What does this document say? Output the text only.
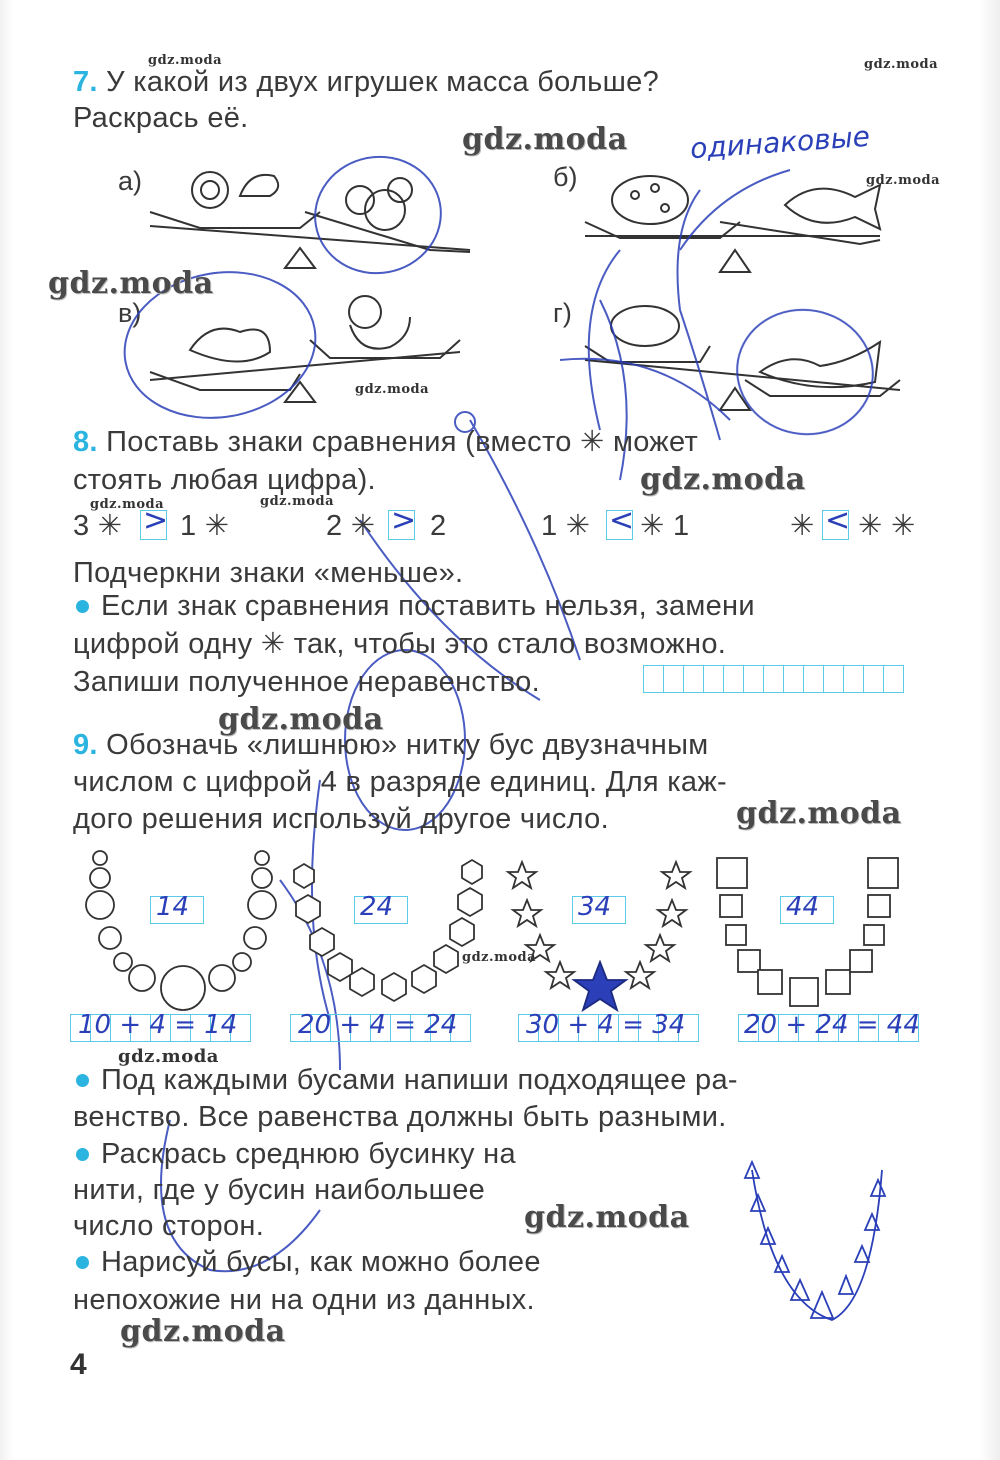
7. У какой из двух игрушек масса больше?
Раскрась её.
а)	б)
в)	г)
одинаковые
8. Поставь знаки сравнения (вместо ✳ может
стоять любая цифра).
3 ✳ > 1 ✳	2 ✳ > 2	1 ✳ < ✳ 1	✳ < ✳ ✳
Подчеркни знаки «меньше».
Если знак сравнения поставить нельзя, замени
цифрой одну ✳ так, чтобы это стало возможно.
Запиши полученное неравенство.
9. Обозначь «лишнюю» нитку бус двузначным
числом с цифрой 4 в разряде единиц. Для каж-
дого решения используй другое число.
14	24	34	44
10 + 4 = 14 20 + 4 = 24	30 + 4 = 34 20 + 24 = 44
Под каждыми бусами напиши подходящее ра-
венство. Все равенства должны быть разными.
Раскрась среднюю бусинку на
нити, где у бусин наибольшее
число сторон.
Нарисуй бусы, как можно более
непохожие ни на одни из данных.
4
gdz.moda	gdz.moda
gdz.moda
gdz.moda
gdz.moda
gdz.moda
gdz.moda
gdz.moda	gdz.moda
gdz.moda
gdz.moda
gdz.moda
gdz.moda
gdz.moda
gdz.moda
